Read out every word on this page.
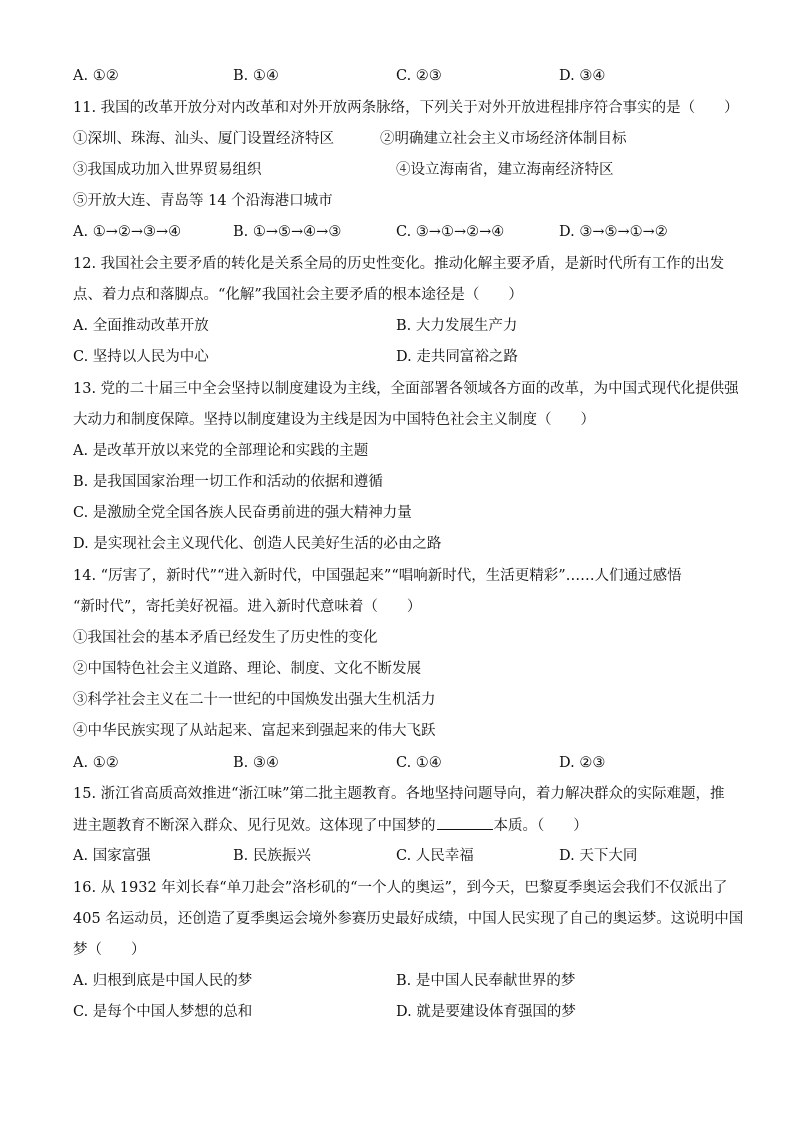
A. ①②	B. ①④	C. ②③	D. ③④
11. 我国的改革开放分对内改革和对外开放两条脉络，下列关于对外开放进程排序符合事实的是（　　）
①深圳、珠海、汕头、厦门设置经济特区	②明确建立社会主义市场经济体制目标
③我国成功加入世界贸易组织	④设立海南省，建立海南经济特区
⑤开放大连、青岛等 14 个沿海港口城市
A. ①→②→③→④	B. ①→⑤→④→③	C. ③→①→②→④	D. ③→⑤→①→②
12. 我国社会主要矛盾的转化是关系全局的历史性变化。推动化解主要矛盾，是新时代所有工作的出发
点、着力点和落脚点。“化解”我国社会主要矛盾的根本途径是（　　）
A. 全面推动改革开放	B. 大力发展生产力
C. 坚持以人民为中心	D. 走共同富裕之路
13. 党的二十届三中全会坚持以制度建设为主线，全面部署各领域各方面的改革，为中国式现代化提供强
大动力和制度保障。坚持以制度建设为主线是因为中国特色社会主义制度（　　）
A. 是改革开放以来党的全部理论和实践的主题
B. 是我国国家治理一切工作和活动的依据和遵循
C. 是激励全党全国各族人民奋勇前进的强大精神力量
D. 是实现社会主义现代化、创造人民美好生活的必由之路
14. “厉害了，新时代”“进入新时代，中国强起来”“唱响新时代，生活更精彩”……人们通过感悟
“新时代”，寄托美好祝福。进入新时代意味着（　　）
①我国社会的基本矛盾已经发生了历史性的变化
②中国特色社会主义道路、理论、制度、文化不断发展
③科学社会主义在二十一世纪的中国焕发出强大生机活力
④中华民族实现了从站起来、富起来到强起来的伟大飞跃
A. ①②	B. ③④	C. ①④	D. ②③
15. 浙江省高质高效推进“浙江味”第二批主题教育。各地坚持问题导向，着力解决群众的实际难题，推
进主题教育不断深入群众、见行见效。这体现了中国梦的	本质。（　　）
A. 国家富强	B. 民族振兴	C. 人民幸福	D. 天下大同
16. 从 1932 年刘长春“单刀赴会”洛杉矶的“一个人的奥运”，到今天，巴黎夏季奥运会我们不仅派出了
405 名运动员，还创造了夏季奥运会境外参赛历史最好成绩，中国人民实现了自己的奥运梦。这说明中国
梦（　　）
A. 归根到底是中国人民的梦	B. 是中国人民奉献世界的梦
C. 是每个中国人梦想的总和	D. 就是要建设体育强国的梦
